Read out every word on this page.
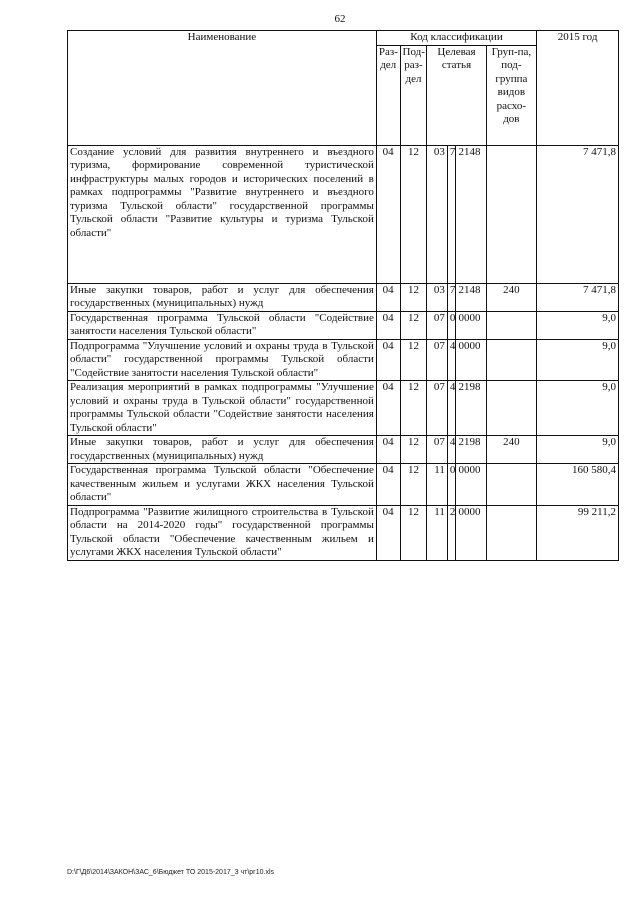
62
Наименование	Код классификации						2015 год
	Раз-дел	Под-раз-дел	Целевая статья			Груп-па, под-группа видов расхо-дов	
Создание условий для развития внутреннего и въездного туризма, формирование современной туристической инфраструктуры малых городов и исторических поселений в рамках подпрограммы "Развитие внутреннего и въездного туризма Тульской области" государственной программы Тульской области "Развитие культуры и туризма Тульской области"	04	12	03	7	2148		7 471,8
Иные закупки товаров, работ и услуг для обеспечения государственных (муниципальных) нужд	04	12	03	7	2148	240	7 471,8
Государственная программа Тульской области "Содействие занятости населения Тульской области"	04	12	07	0	0000		9,0
Подпрограмма "Улучшение условий и охраны труда в Тульской области" государственной программы Тульской области "Содействие занятости населения Тульской области"	04	12	07	4	0000		9,0
Реализация мероприятий в рамках подпрограммы "Улучшение условий и охраны труда в Тульской области" государственной программы Тульской области "Содействие занятости населения Тульской области"	04	12	07	4	2198		9,0
Иные закупки товаров, работ и услуг для обеспечения государственных (муниципальных) нужд	04	12	07	4	2198	240	9,0
Государственная программа Тульской области "Обеспечение качественным жильем и услугами ЖКХ населения Тульской области"	04	12	11	0	0000		160 580,4
Подпрограмма "Развитие жилищного строительства в Тульской области на 2014-2020 годы" государственной программы Тульской области "Обеспечение качественным жильем и услугами ЖКХ населения Тульской области"	04	12	11	2	0000		99 211,2
D:\Г\Д6\2014\ЗАКОН\ЗАС_6\Бюджет ТО 2015-2017_3 чт\рг10.xls
